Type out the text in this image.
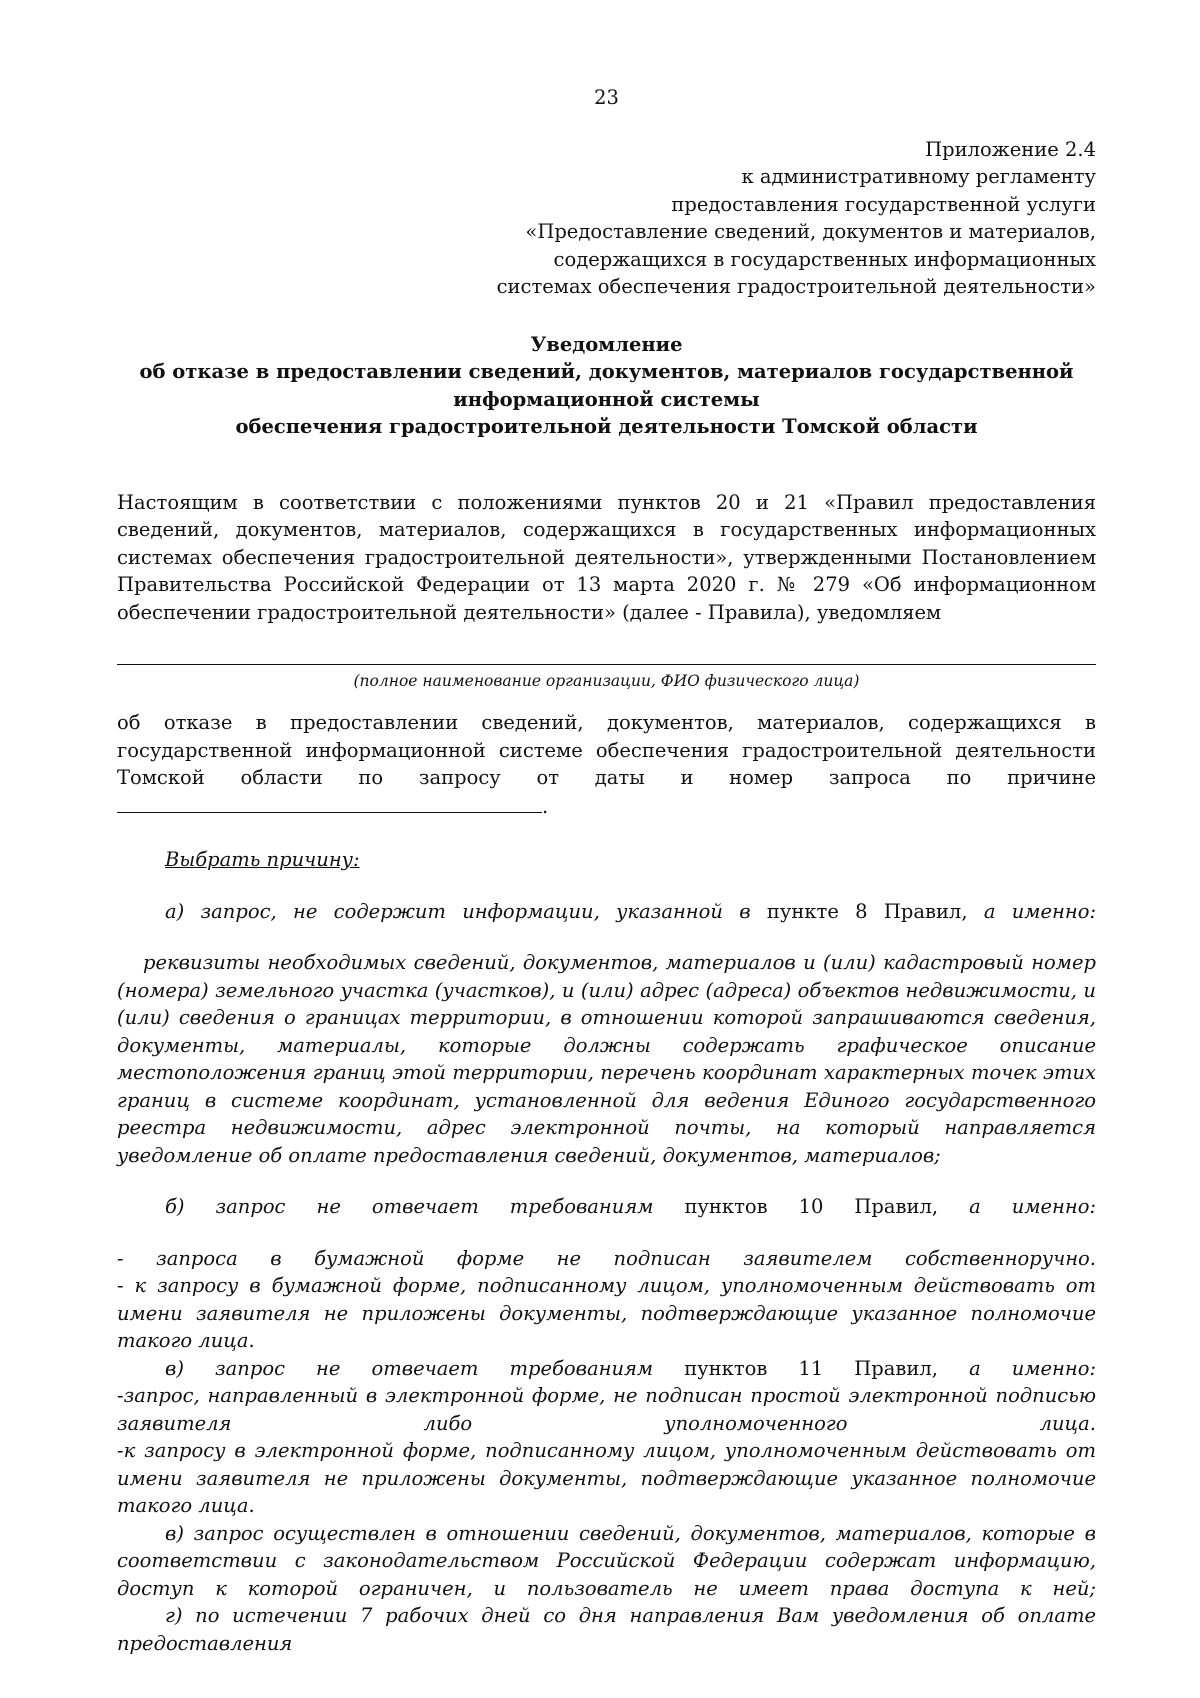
23
Приложение 2.4
к административному регламенту
предоставления государственной услуги
«Предоставление сведений, документов и материалов,
содержащихся в государственных информационных
системах обеспечения градостроительной деятельности»
Уведомление
об отказе в предоставлении сведений, документов, материалов государственной
информационной системы
обеспечения градостроительной деятельности Томской области

Настоящим в соответствии с положениями пунктов 20 и 21 «Правил предоставления сведений, документов, материалов, содержащихся в государственных информационных системах обеспечения градостроительной деятельности», утвержденными Постановлением Правительства Российской Федерации от 13 марта 2020 г. № 279 «Об информационном обеспечении градостроительной деятельности» (далее - Правила), уведомляем

(полное наименование организации, ФИО физического лица)

об отказе в предоставлении сведений, документов, материалов, содержащихся в государственной информационной системе обеспечения градостроительной деятельности Томской области по запросу от даты и номер запроса по причине.

Выбрать причину:

а) запрос, не содержит информации, указанной в пункте 8 Правил, а именно:

реквизиты необходимых сведений, документов, материалов и (или) кадастровый номер (номера) земельного участка (участков), и (или) адрес (адреса) объектов недвижимости, и (или) сведения о границах территории, в отношении которой запрашиваются сведения, документы, материалы, которые должны содержать графическое описание местоположения границ этой территории, перечень координат характерных точек этих границ в системе координат, установленной для ведения Единого государственного реестра недвижимости, адрес электронной почты, на который направляется уведомление об оплате предоставления сведений, документов, материалов;

б) запрос не отвечает требованиям пунктов 10 Правил, а именно:

- запроса в бумажной форме не подписан заявителем собственноручно.

- к запросу в бумажной форме, подписанному лицом, уполномоченным действовать от имени заявителя не приложены документы, подтверждающие указанное полномочие такого лица.

в) запрос не отвечает требованиям пунктов 11 Правил, а именно:

-запрос, направленный в электронной форме, не подписан простой электронной подписью заявителя либо уполномоченного лица.

-к запросу в электронной форме, подписанному лицом, уполномоченным действовать от имени заявителя не приложены документы, подтверждающие указанное полномочие такого лица.

в) запрос осуществлен в отношении сведений, документов, материалов, которые в соответствии с законодательством Российской Федерации содержат информацию, доступ к которой ограничен, и пользователь не имеет права доступа к ней;

г) по истечении 7 рабочих дней со дня направления Вам уведомления об оплате предоставления
